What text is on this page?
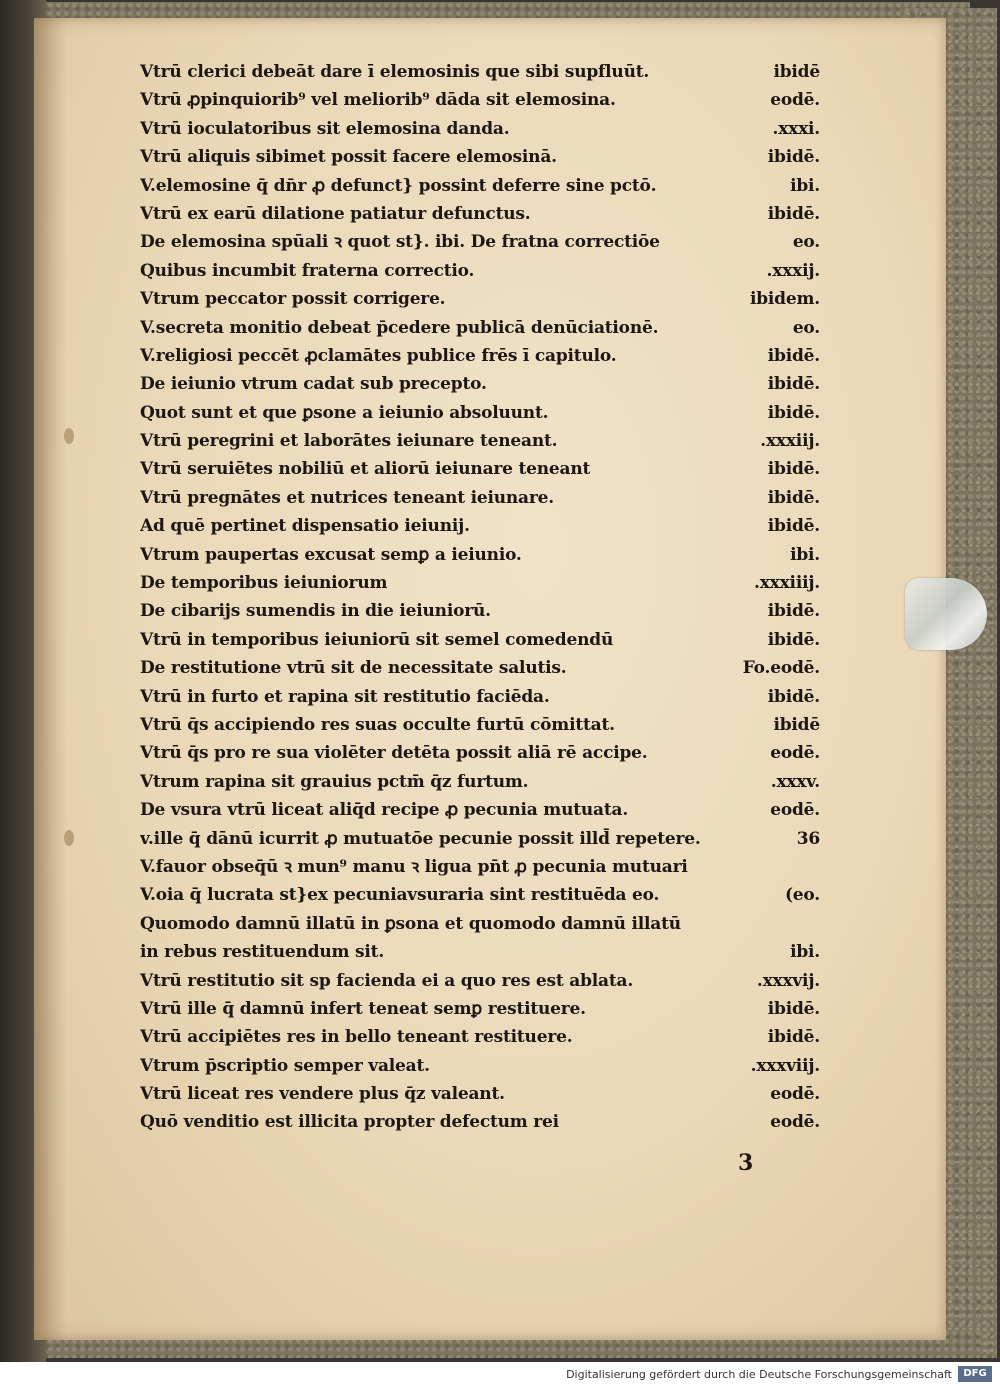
Vtrū clerici debeāt dare ī elemosinis que sibi supfluūt.	ibidē
Vtrū ꝓpinquiorib⁹ vel meliorib⁹ dāda sit elemosina.	eodē.
Vtrū ioculatoribus sit elemosina danda.	.xxxi.
Vtrū aliquis sibimet possit facere elemosinā.	ibidē.
V.elemosine q̄ dn̄r ꝓ defunct} possint deferre sine pctō.	ibi.
Vtrū ex earū dilatione patiatur defunctus.	ibidē.
De elemosina spūali ꝛ quot st}. ibi. De fratna correctiōe	eo.
Quibus incumbit fraterna correctio.	.xxxij.
Vtrum peccator possit corrigere.	ibidem.
V.secreta monitio debeat p̄cedere publicā denūciationē.	eo.
V.religiosi peccēt ꝓclamātes publice frēs ī capitulo.	ibidē.
De ieiunio vtrum cadat sub precepto.	ibidē.
Quot sunt et que ꝑsone a ieiunio absoluunt.	ibidē.
Vtrū peregrini et laborātes ieiunare teneant.	.xxxiij.
Vtrū seruiētes nobiliū et aliorū ieiunare teneant	ibidē.
Vtrū pregnātes et nutrices teneant ieiunare.	ibidē.
Ad quē pertinet dispensatio ieiunij.	ibidē.
Vtrum paupertas excusat semꝑ a ieiunio.	ibi.
De temporibus ieiuniorum	.xxxiiij.
De cibarijs sumendis in die ieiuniorū.	ibidē.
Vtrū in temporibus ieiuniorū sit semel comedendū	ibidē.
De restitutione vtrū sit de necessitate salutis.	Fo.eodē.
Vtrū in furto et rapina sit restitutio faciēda.	ibidē.
Vtrū q̄s accipiendo res suas occulte furtū cōmittat.	ibidē
Vtrū q̄s pro re sua violēter detēta possit aliā rē accipe.	eodē.
Vtrum rapina sit grauius pctm̄ q̄z furtum.	.xxxv.
De vsura vtrū liceat aliq̄d recipe ꝓ pecunia mutuata.	eodē.
v.ille q̄ dānū icurrit ꝓ mutuatōe pecunie possit illd̄ repetere.	36
V.fauor obseq̄ū ꝛ mun⁹ manu ꝛ ligua pn̄t ꝓ pecunia mutuari
V.oia q̄ lucrata st}ex pecuniavsuraria sint restituēda eo.	(eo.
Quomodo damnū illatū in ꝑsona et quomodo damnū illatū
in rebus restituendum sit.	ibi.
Vtrū restitutio sit sp facienda ei a quo res est ablata.	.xxxvij.
Vtrū ille q̄ damnū infert teneat semꝑ restituere.	ibidē.
Vtrū accipiētes res in bello teneant restituere.	ibidē.
Vtrum p̄scriptio semper valeat.	.xxxviij.
Vtrū liceat res vendere plus q̄z valeant.	eodē.
Quō venditio est illicita propter defectum rei	eodē.
3
Digitalisierung gefördert durch die Deutsche Forschungsgemeinschaft	DFG
